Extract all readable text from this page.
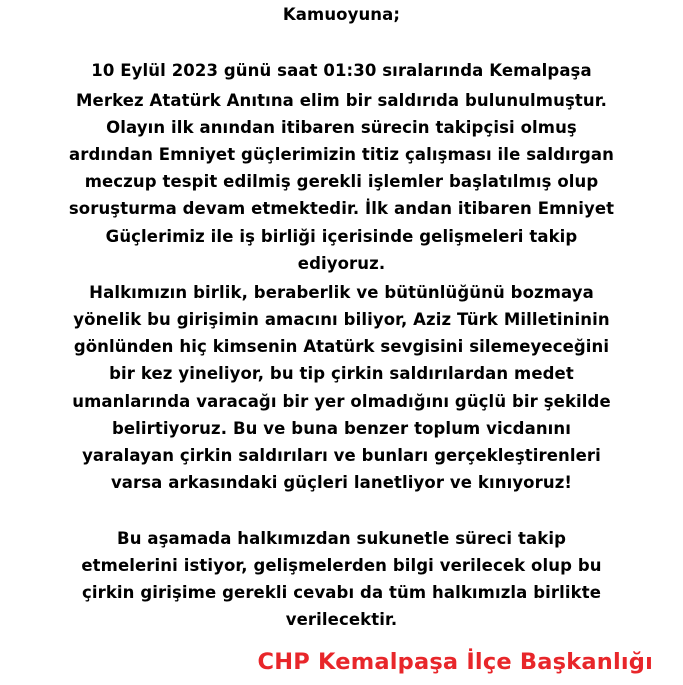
Kamuoyuna;
10 Eylül 2023 günü saat 01:30 sıralarında Kemalpaşa
Merkez Atatürk Anıtına elim bir saldırıda bulunulmuştur.
Olayın ilk anından itibaren sürecin takipçisi olmuş
ardından Emniyet güçlerimizin titiz çalışması ile saldırgan
meczup tespit edilmiş gerekli işlemler başlatılmış olup
soruşturma devam etmektedir. İlk andan itibaren Emniyet
Güçlerimiz ile iş birliği içerisinde gelişmeleri takip
ediyoruz.
Halkımızın birlik, beraberlik ve bütünlüğünü bozmaya
yönelik bu girişimin amacını biliyor, Aziz Türk Milletininin
gönlünden hiç kimsenin Atatürk sevgisini silemeyeceğini
bir kez yineliyor, bu tip çirkin saldırılardan medet
umanlarında varacağı bir yer olmadığını güçlü bir şekilde
belirtiyoruz. Bu ve buna benzer toplum vicdanını
yaralayan çirkin saldırıları ve bunları gerçekleştirenleri
varsa arkasındaki güçleri lanetliyor ve kınıyoruz!
Bu aşamada halkımızdan sukunetle süreci takip
etmelerini istiyor, gelişmelerden bilgi verilecek olup bu
çirkin girişime gerekli cevabı da tüm halkımızla birlikte
verilecektir.
CHP Kemalpaşa İlçe Başkanlığı
